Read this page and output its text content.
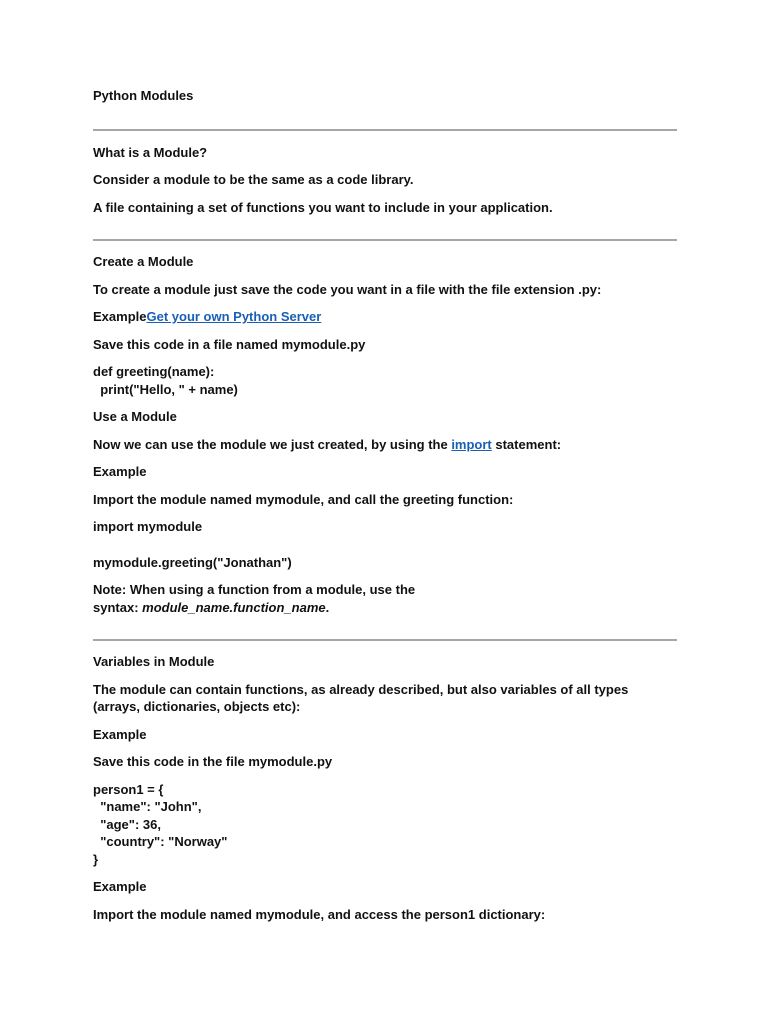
Python Modules

What is a Module?

Consider a module to be the same as a code library.

A file containing a set of functions you want to include in your application.

Create a Module

To create a module just save the code you want in a file with the file extension .py:

ExampleGet your own Python Server

Save this code in a file named mymodule.py

def greeting(name):
print("Hello, " + name)

Use a Module

Now we can use the module we just created, by using the import statement:

Example

Import the module named mymodule, and call the greeting function:

import mymodule

mymodule.greeting("Jonathan")

Note: When using a function from a module, use the
syntax: module_name.function_name.

Variables in Module

The module can contain functions, as already described, but also variables of all types (arrays, dictionaries, objects etc):

Example

Save this code in the file mymodule.py

person1 = {
"name": "John",
"age": 36,
"country": "Norway"
}

Example

Import the module named mymodule, and access the person1 dictionary:
